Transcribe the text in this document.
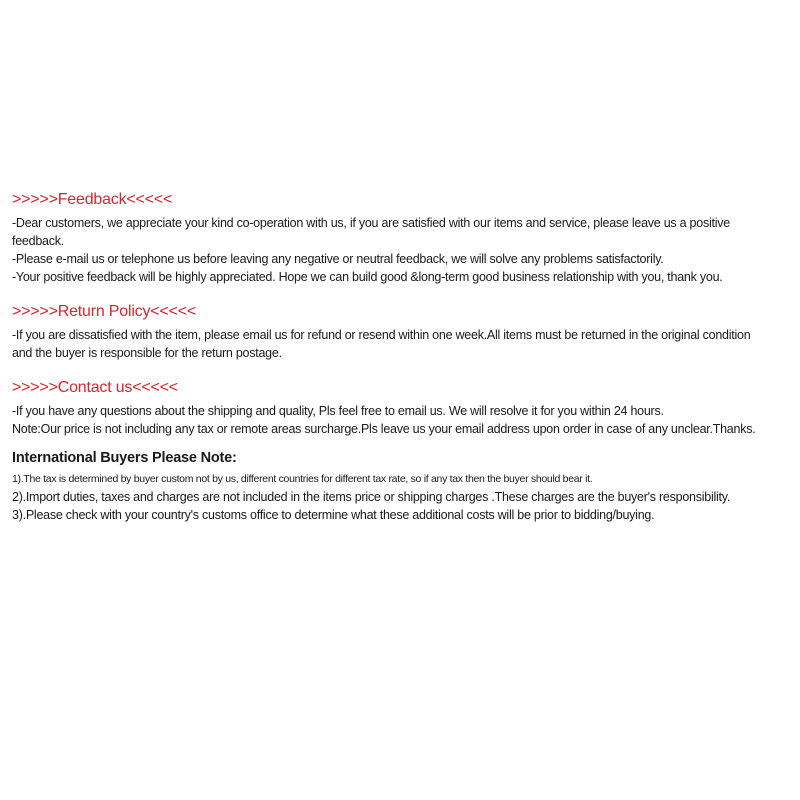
>>>>>Feedback<<<<<

-Dear customers, we appreciate your kind co-operation with us, if you are satisfied with our items and service, please leave us a positive

feedback.

-Please e-mail us or telephone us before leaving any negative or neutral feedback, we will solve any problems satisfactorily.

-Your positive feedback will be highly appreciated. Hope we can build good &long-term good business relationship with you, thank you.

>>>>>Return Policy<<<<<

-If you are dissatisfied with the item, please email us for refund or resend within one week.All items must be returned in the original condition

and the buyer is responsible for the return postage.

>>>>>Contact us<<<<<

-If you have any questions about the shipping and quality, Pls feel free to email us. We will resolve it for you within 24 hours.

Note:Our price is not including any tax or remote areas surcharge.Pls leave us your email address upon order in case of any unclear.Thanks.

International Buyers Please Note:

1).The tax is determined by buyer custom not by us, different countries for different tax rate, so if any tax then the buyer should bear it.

2).Import duties, taxes and charges are not included in the items price or shipping charges .These charges are the buyer's responsibility.

3).Please check with your country's customs office to determine what these additional costs will be prior to bidding/buying.
